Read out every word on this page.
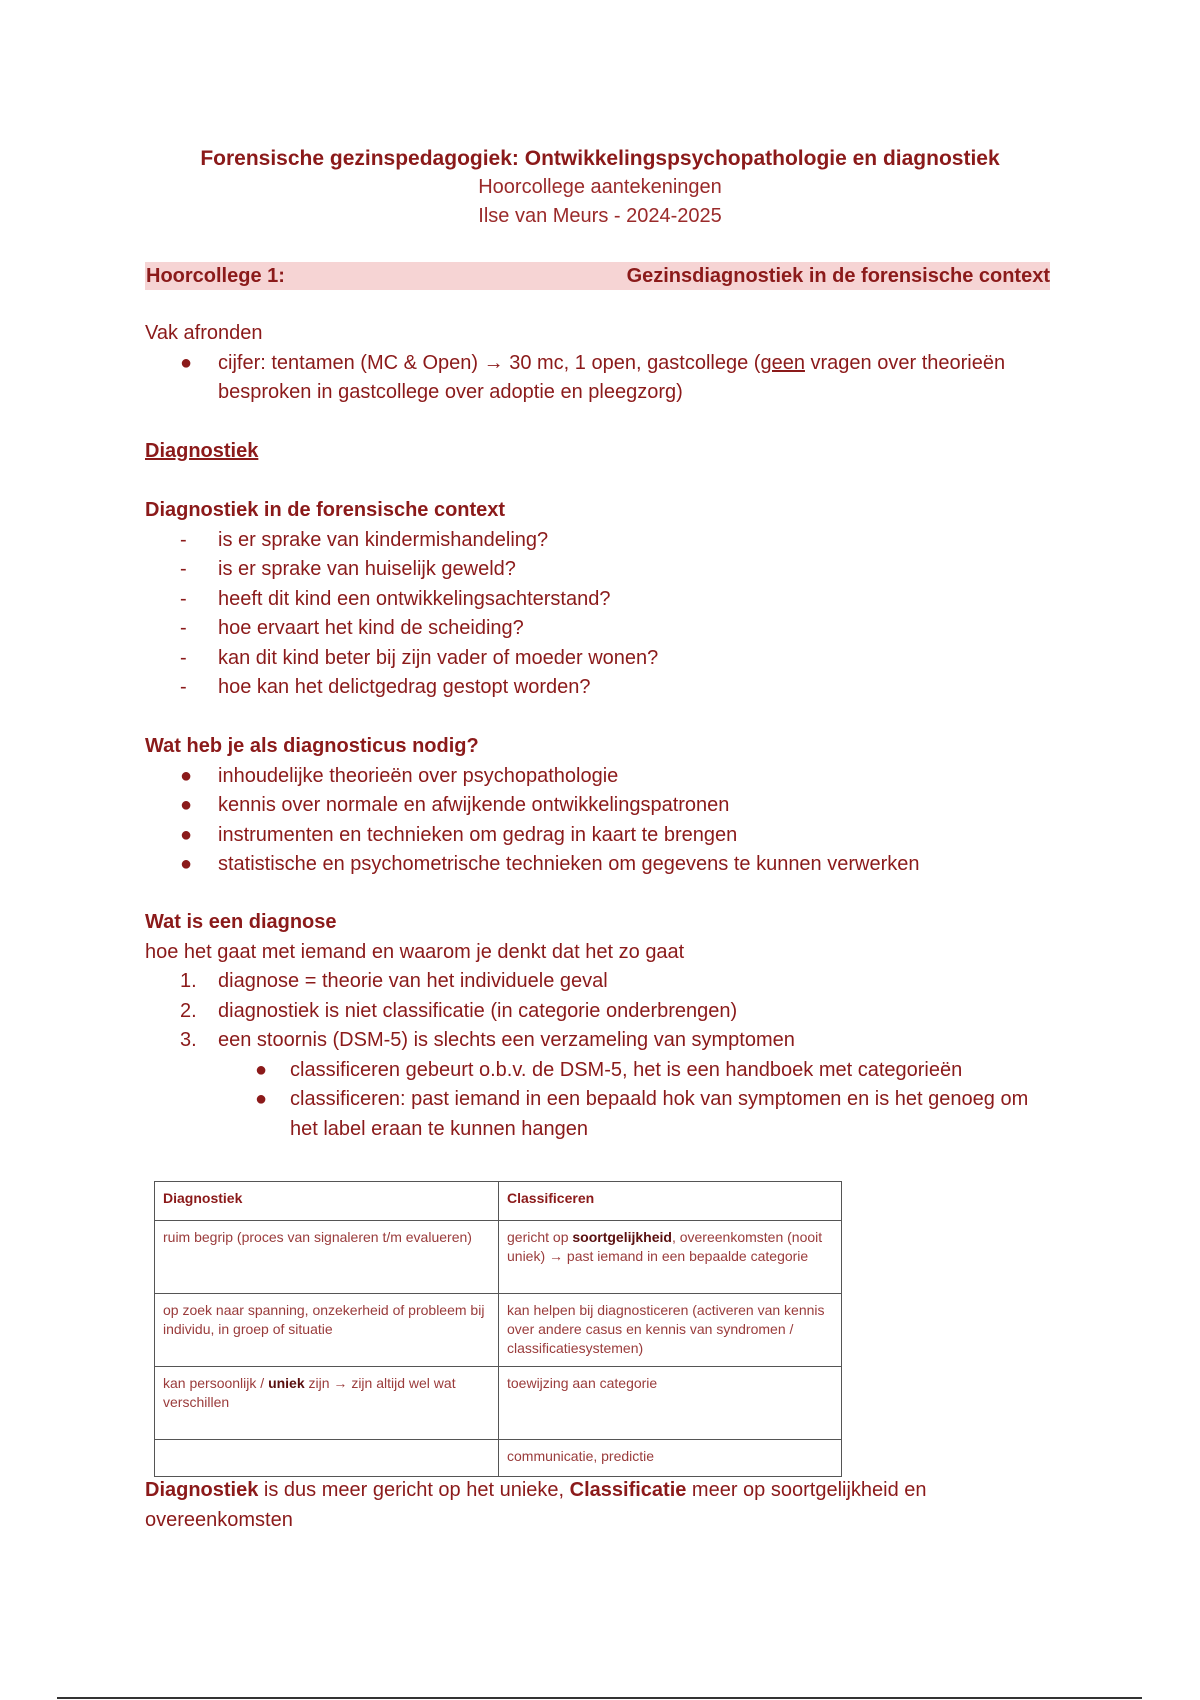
Forensische gezinspedagogiek: Ontwikkelingspsychopathologie en diagnostiek
Hoorcollege aantekeningen
Ilse van Meurs - 2024-2025
Hoorcollege 1:	Gezinsdiagnostiek in de forensische context

Vak afronden

● cijfer: tentamen (MC & Open) → 30 mc, 1 open, gastcollege (geen vragen over theorieën besproken in gastcollege over adoptie en pleegzorg)

Diagnostiek

Diagnostiek in de forensische context

- is er sprake van kindermishandeling?
- is er sprake van huiselijk geweld?
- heeft dit kind een ontwikkelingsachterstand?
- hoe ervaart het kind de scheiding?
- kan dit kind beter bij zijn vader of moeder wonen?
- hoe kan het delictgedrag gestopt worden?

Wat heb je als diagnosticus nodig?

● inhoudelijke theorieën over psychopathologie
● kennis over normale en afwijkende ontwikkelingspatronen
● instrumenten en technieken om gedrag in kaart te brengen
● statistische en psychometrische technieken om gegevens te kunnen verwerken

Wat is een diagnose

hoe het gaat met iemand en waarom je denkt dat het zo gaat

1. diagnose = theorie van het individuele geval
2. diagnostiek is niet classificatie (in categorie onderbrengen)
3. een stoornis (DSM-5) is slechts een verzameling van symptomen
● classificeren gebeurt o.b.v. de DSM-5, het is een handboek met categorieën
● classificeren: past iemand in een bepaald hok van symptomen en is het genoeg om het label eraan te kunnen hangen
Diagnostiek	Classificeren
ruim begrip (proces van signaleren t/m evalueren)	gericht op soortgelijkheid, overeenkomsten (nooit uniek) → past iemand in een bepaalde categorie
op zoek naar spanning, onzekerheid of probleem bij individu, in groep of situatie	kan helpen bij diagnosticeren (activeren van kennis over andere casus en kennis van syndromen / classificatiesystemen)
kan persoonlijk / uniek zijn → zijn altijd wel wat verschillen	toewijzing aan categorie
	communicatie, predictie

Diagnostiek is dus meer gericht op het unieke, Classificatie meer op soortgelijkheid en overeenkomsten
